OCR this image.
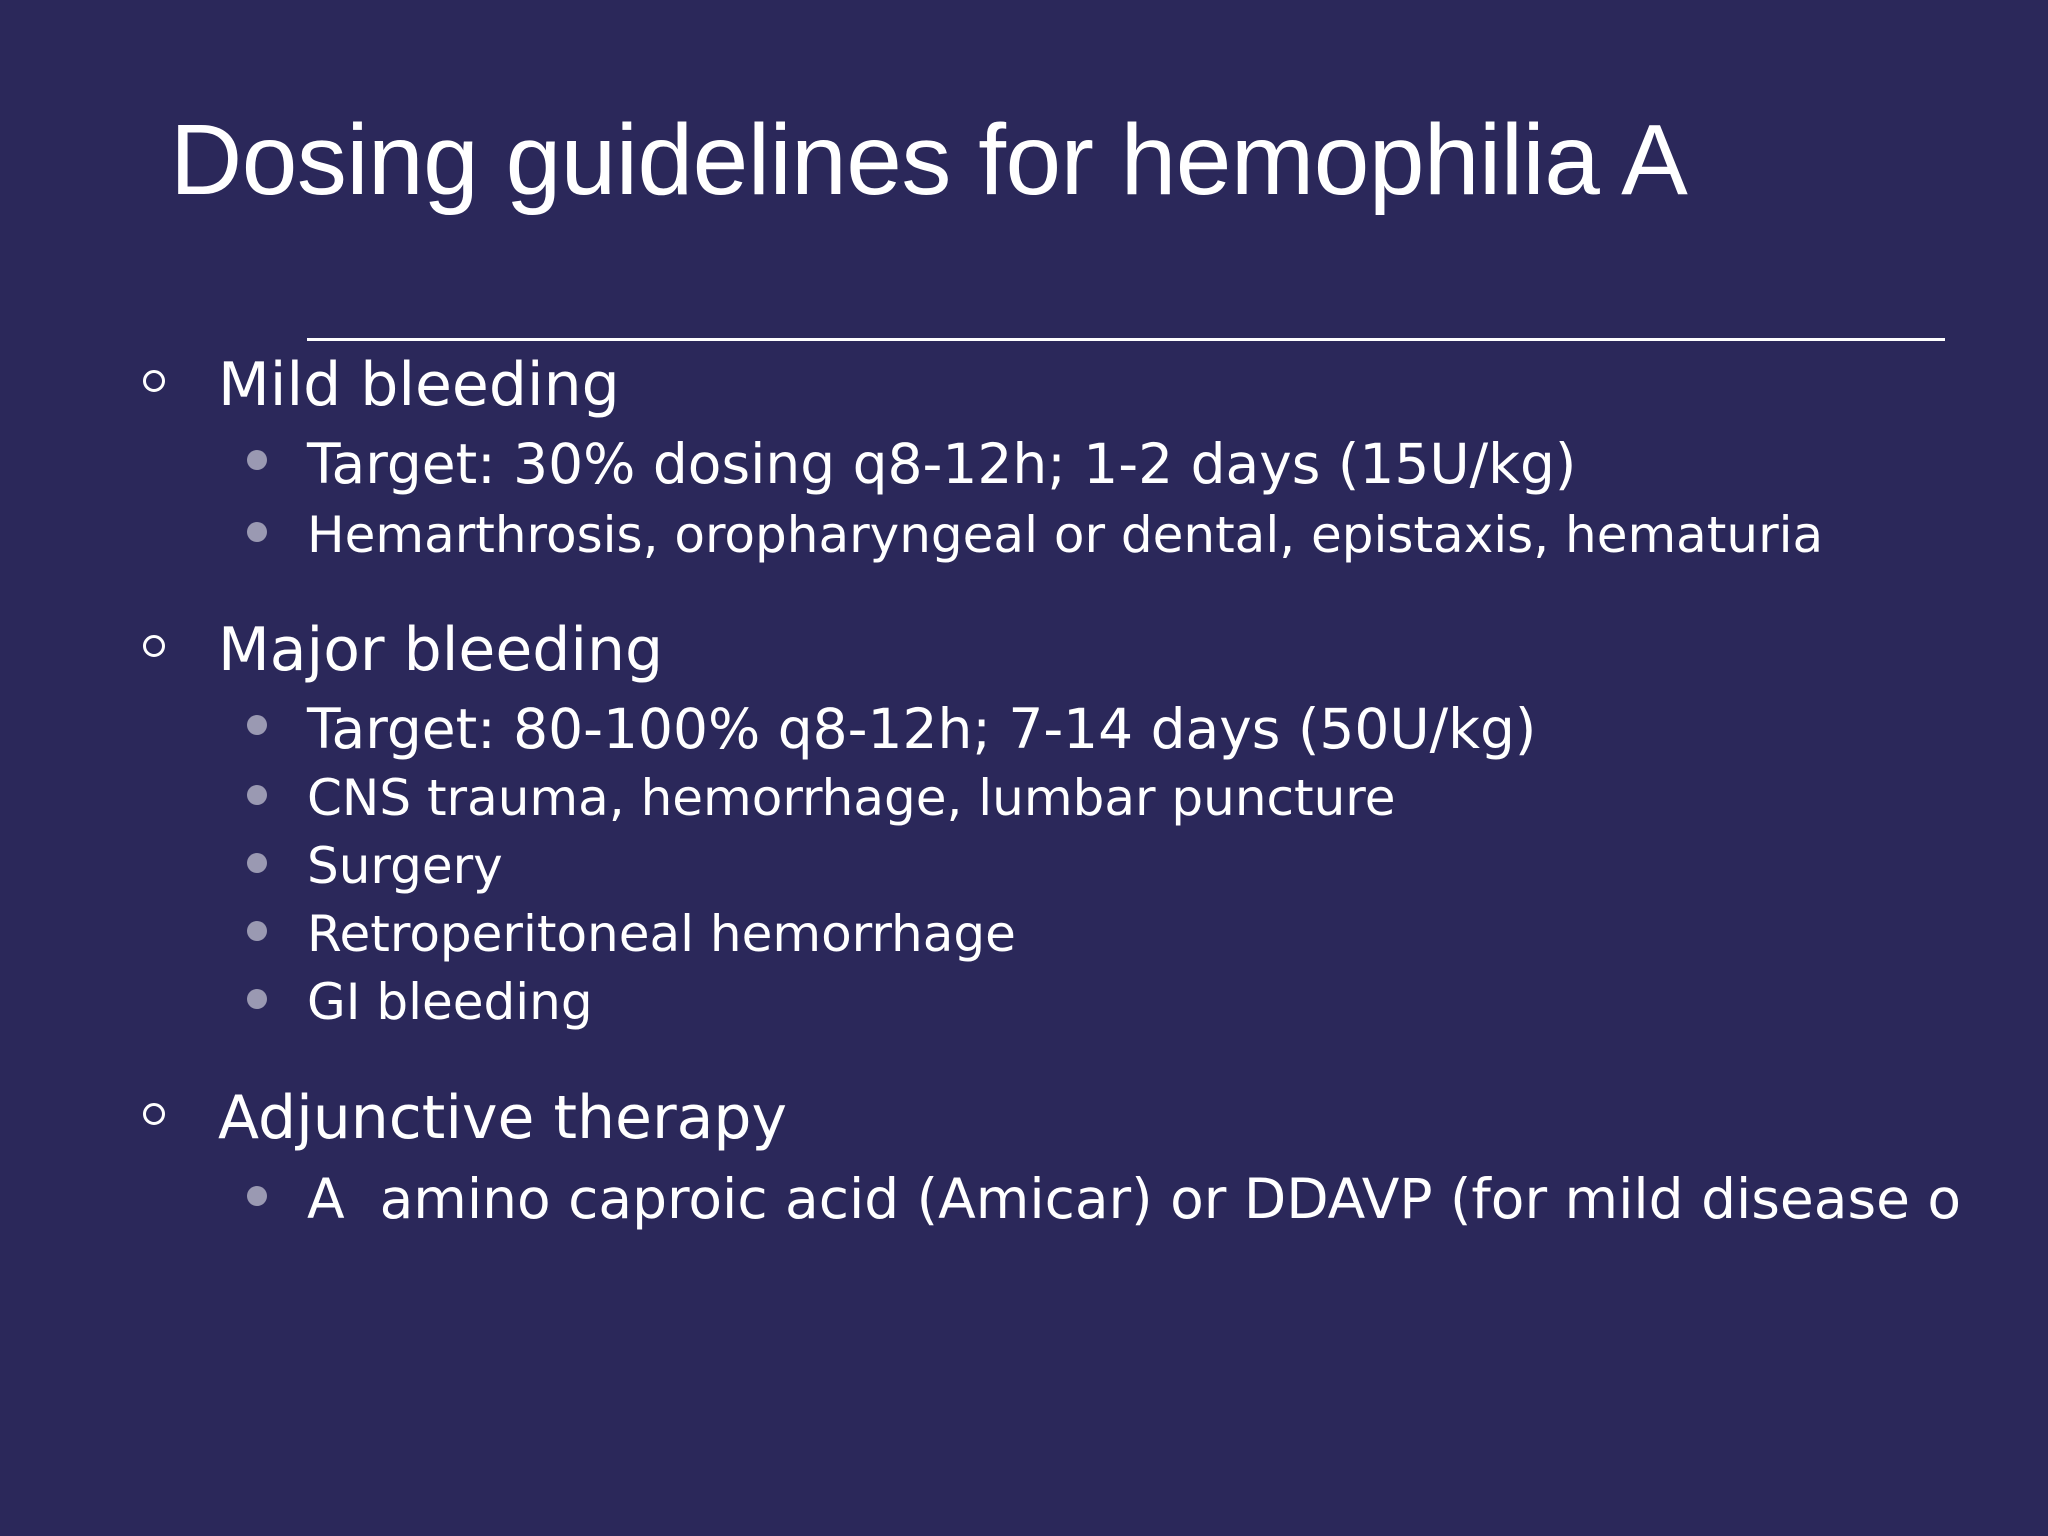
Dosing guidelines for hemophilia A
Mild bleeding
Target: 30% dosing q8-12h; 1-2 days (15U/kg)
Hemarthrosis, oropharyngeal or dental, epistaxis, hematuria
Major bleeding
Target: 80-100% q8-12h; 7-14 days (50U/kg)
CNS trauma, hemorrhage, lumbar puncture
Surgery
Retroperitoneal hemorrhage
GI bleeding
Adjunctive therapy
A  amino caproic acid (Amicar) or DDAVP (for mild disease o
